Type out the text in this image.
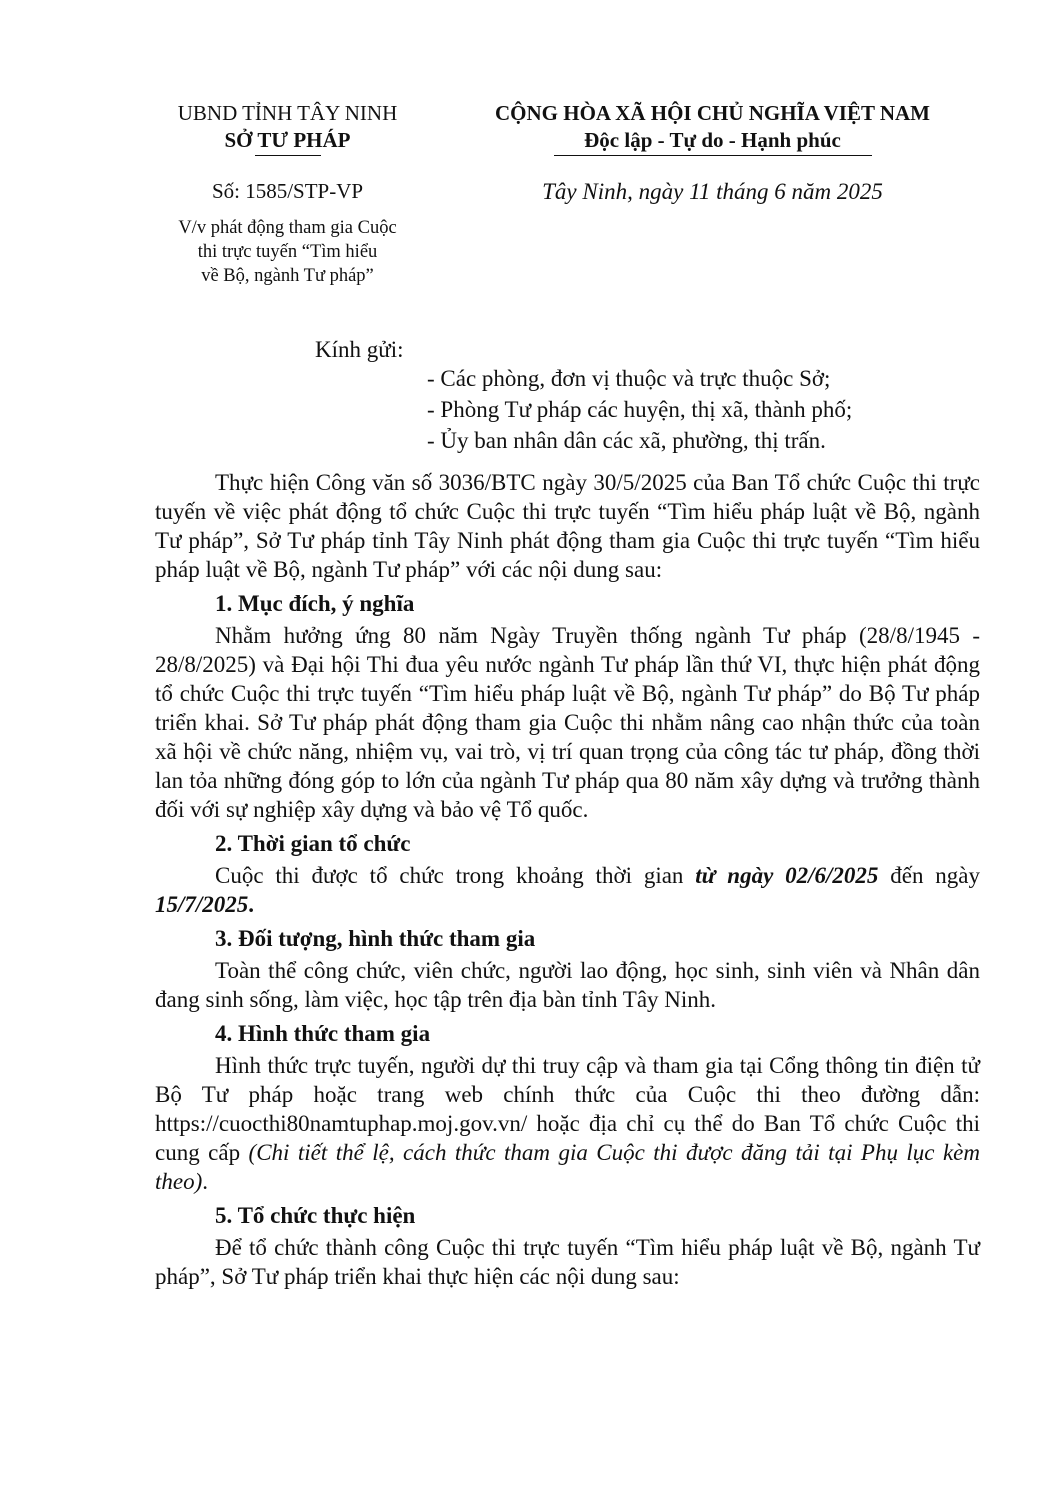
UBND TỈNH TÂY NINH
SỞ TƯ PHÁP
CỘNG HÒA XÃ HỘI CHỦ NGHĨA VIỆT NAM
Độc lập - Tự do - Hạnh phúc
Số: 1585/STP-VP	Tây Ninh, ngày 11 tháng 6 năm 2025
V/v phát động tham gia Cuộc
thi trực tuyến “Tìm hiểu
về Bộ, ngành Tư pháp”
Kính gửi:
- Các phòng, đơn vị thuộc và trực thuộc Sở;
- Phòng Tư pháp các huyện, thị xã, thành phố;
- Ủy ban nhân dân các xã, phường, thị trấn.

Thực hiện Công văn số 3036/BTC ngày 30/5/2025 của Ban Tổ chức Cuộc thi trực tuyến về việc phát động tổ chức Cuộc thi trực tuyến “Tìm hiểu pháp luật về Bộ, ngành Tư pháp”, Sở Tư pháp tỉnh Tây Ninh phát động tham gia Cuộc thi trực tuyến “Tìm hiểu pháp luật về Bộ, ngành Tư pháp” với các nội dung sau:

1. Mục đích, ý nghĩa

Nhằm hưởng ứng 80 năm Ngày Truyền thống ngành Tư pháp (28/8/1945 - 28/8/2025) và Đại hội Thi đua yêu nước ngành Tư pháp lần thứ VI, thực hiện phát động tổ chức Cuộc thi trực tuyến “Tìm hiểu pháp luật về Bộ, ngành Tư pháp” do Bộ Tư pháp triển khai. Sở Tư pháp phát động tham gia Cuộc thi nhằm nâng cao nhận thức của toàn xã hội về chức năng, nhiệm vụ, vai trò, vị trí quan trọng của công tác tư pháp, đồng thời lan tỏa những đóng góp to lớn của ngành Tư pháp qua 80 năm xây dựng và trưởng thành đối với sự nghiệp xây dựng và bảo vệ Tổ quốc.

2. Thời gian tổ chức

Cuộc thi được tổ chức trong khoảng thời gian từ ngày 02/6/2025 đến ngày 15/7/2025.

3. Đối tượng, hình thức tham gia

Toàn thể công chức, viên chức, người lao động, học sinh, sinh viên và Nhân dân đang sinh sống, làm việc, học tập trên địa bàn tỉnh Tây Ninh.

4. Hình thức tham gia

Hình thức trực tuyến, người dự thi truy cập và tham gia tại Cổng thông tin điện tử Bộ Tư pháp hoặc trang web chính thức của Cuộc thi theo đường dẫn: https://cuocthi80namtuphap.moj.gov.vn/ hoặc địa chỉ cụ thể do Ban Tổ chức Cuộc thi cung cấp (Chi tiết thể lệ, cách thức tham gia Cuộc thi được đăng tải tại Phụ lục kèm theo).

5. Tổ chức thực hiện

Để tổ chức thành công Cuộc thi trực tuyến “Tìm hiểu pháp luật về Bộ, ngành Tư pháp”, Sở Tư pháp triển khai thực hiện các nội dung sau:
